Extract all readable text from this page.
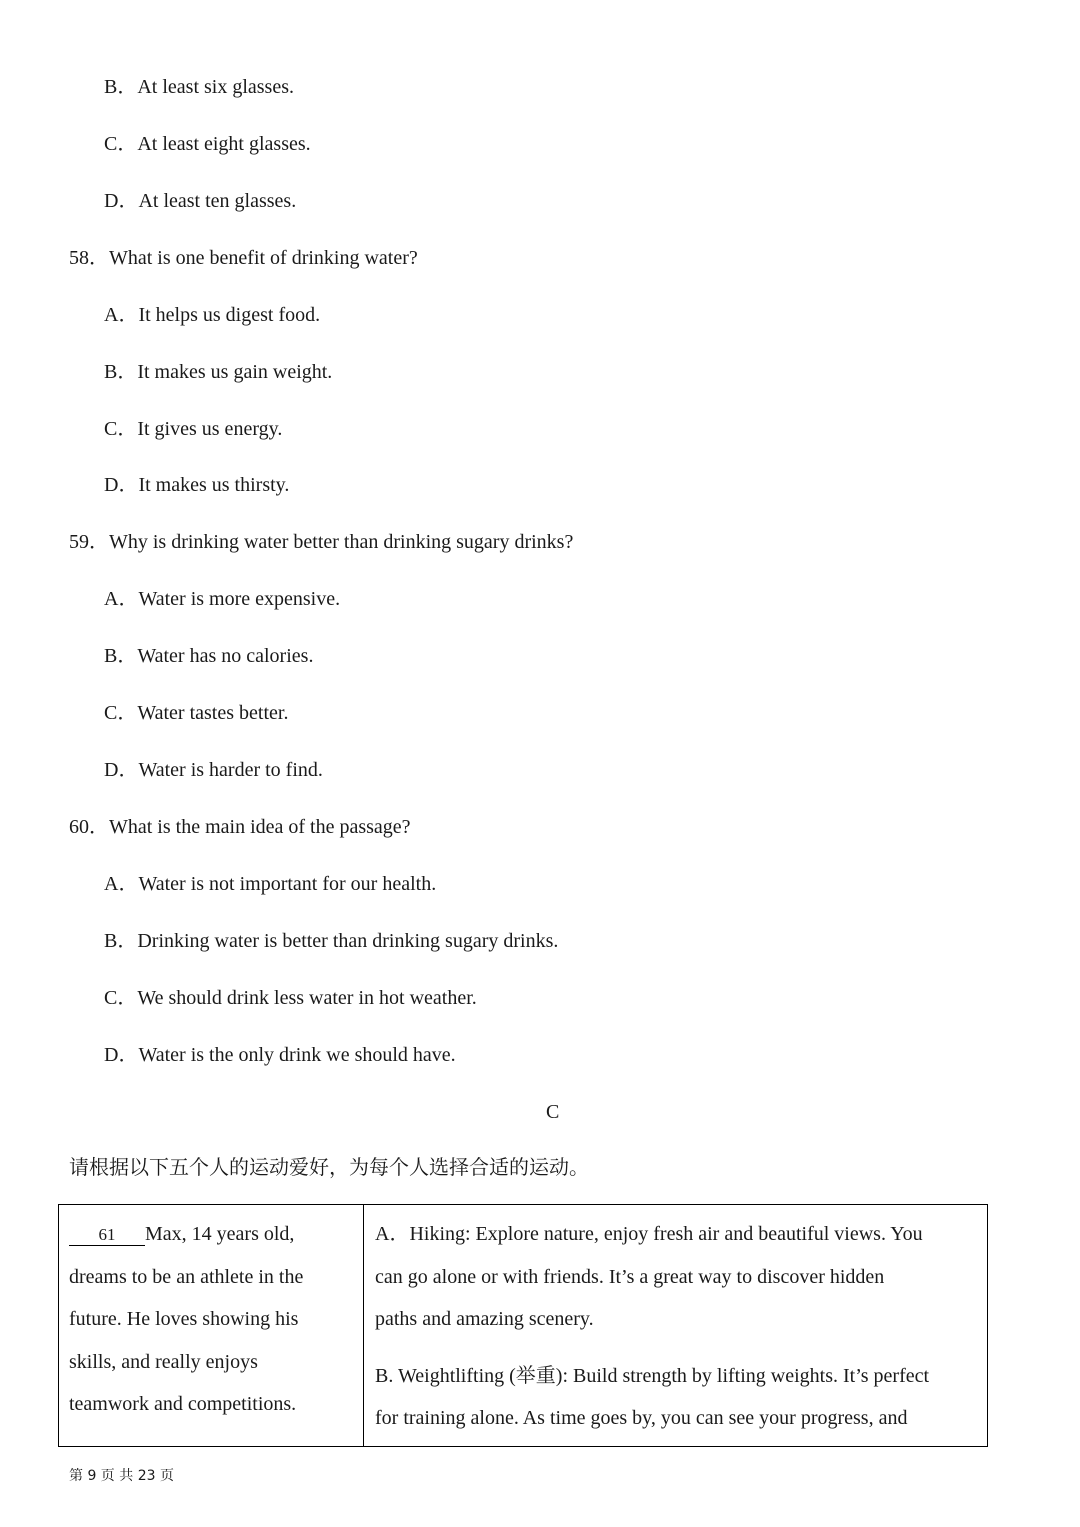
B．At least six glasses.
C．At least eight glasses.
D．At least ten glasses.
58．What is one benefit of drinking water?
A．It helps us digest food.
B．It makes us gain weight.
C．It gives us energy.
D．It makes us thirsty.
59．Why is drinking water better than drinking sugary drinks?
A．Water is more expensive.
B．Water has no calories.
C．Water tastes better.
D．Water is harder to find.
60．What is the main idea of the passage?
A．Water is not important for our health.
B．Drinking water is better than drinking sugary drinks.
C．We should drink less water in hot weather.
D．Water is the only drink we should have.
C
请根据以下五个人的运动爱好，为每个人选择合适的运动。
61 Max, 14 years old,
dreams to be an athlete in the
future. He loves showing his
skills, and really enjoys
teamwork and competitions.
A．Hiking: Explore nature, enjoy fresh air and beautiful views. You
can go alone or with friends. It’s a great way to discover hidden
paths and amazing scenery.
B. Weightlifting (举重): Build strength by lifting weights. It’s perfect
for training alone. As time goes by, you can see your progress, and
第 9 页 共 23 页
